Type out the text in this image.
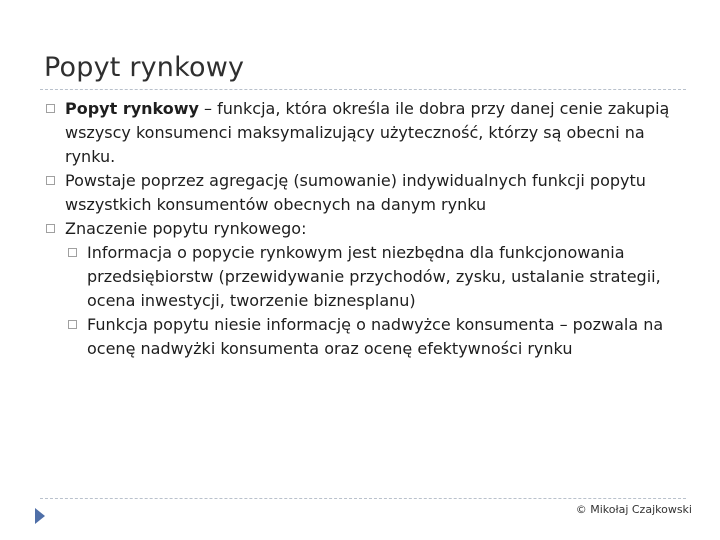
Popyt rynkowy
Popyt rynkowy – funkcja, która określa ile dobra przy danej cenie zakupią wszyscy konsumenci maksymalizujący użyteczność, którzy są obecni na rynku.
Powstaje poprzez agregację (sumowanie) indywidualnych funkcji popytu wszystkich konsumentów obecnych na danym rynku
Znaczenie popytu rynkowego:
Informacja o popycie rynkowym jest niezbędna dla funkcjonowania przedsiębiorstw (przewidywanie przychodów, zysku, ustalanie strategii, ocena inwestycji, tworzenie biznesplanu)
Funkcja popytu niesie informację o nadwyżce konsumenta – pozwala na ocenę nadwyżki konsumenta oraz ocenę efektywności rynku
© Mikołaj Czajkowski
